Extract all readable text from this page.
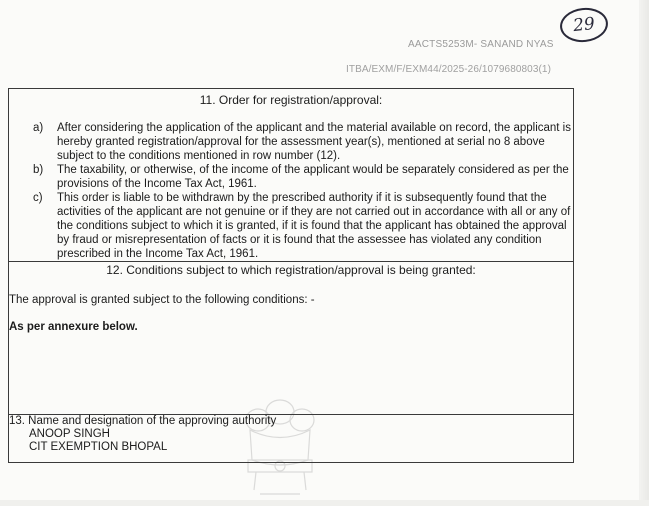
29
AACTS5253M- SANAND NYAS
ITBA/EXM/F/EXM44/2025-26/1079680803(1)
11. Order for registration/approval:
a) After considering the application of the applicant and the material available on record, the applicant is hereby granted registration/approval for the assessment year(s), mentioned at serial no 8 above subject to the conditions mentioned in row number (12).
b) The taxability, or otherwise, of the income of the applicant would be separately considered as per the provisions of the Income Tax Act, 1961.
c) This order is liable to be withdrawn by the prescribed authority if it is subsequently found that the activities of the applicant are not genuine or if they are not carried out in accordance with all or any of the conditions subject to which it is granted, if it is found that the applicant has obtained the approval by fraud or misrepresentation of facts or it is found that the assessee has violated any condition prescribed in the Income Tax Act, 1961.

12. Conditions subject to which registration/approval is being granted:
The approval is granted subject to the following conditions: -
As per annexure below.

13. Name and designation of the approving authority
ANOOP SINGH
CIT EXEMPTION BHOPAL
